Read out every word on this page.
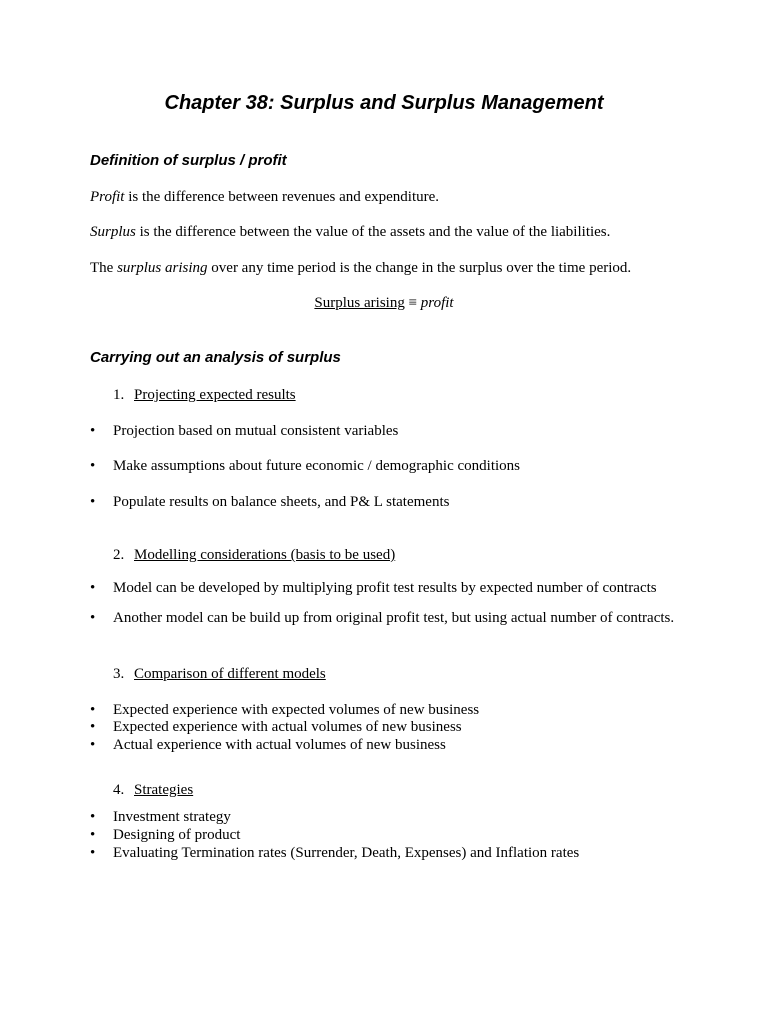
Chapter 38: Surplus and Surplus Management
Definition of surplus / profit
Profit is the difference between revenues and expenditure.
Surplus is the difference between the value of the assets and the value of the liabilities.
The surplus arising over any time period is the change in the surplus over the time period.
Surplus arising ≡ profit
Carrying out an analysis of surplus
1. Projecting expected results
• Projection based on mutual consistent variables
• Make assumptions about future economic / demographic conditions
• Populate results on balance sheets, and P& L statements
2. Modelling considerations (basis to be used)
• Model can be developed by multiplying profit test results by expected number of contracts
• Another model can be build up from original profit test, but using actual number of contracts.
3. Comparison of different models
• Expected experience with expected volumes of new business
• Expected experience with actual volumes of new business
• Actual experience with actual volumes of new business
4. Strategies
• Investment strategy
• Designing of product
• Evaluating Termination rates (Surrender, Death, Expenses) and Inflation rates
